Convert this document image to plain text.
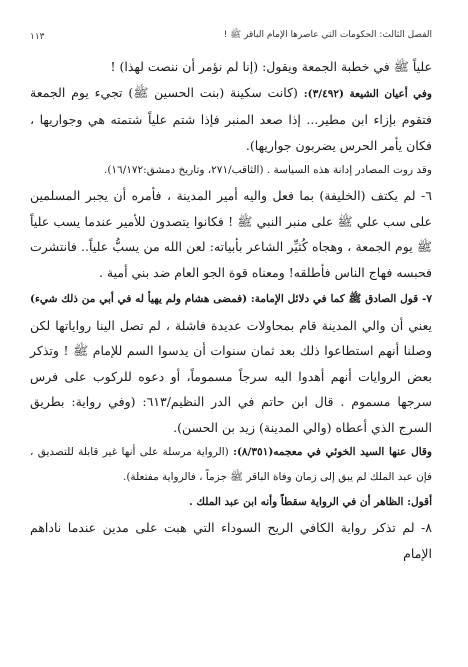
الفصل الثالث: الحكومات التي عاصرها الإمام الباقر ﷺ !
١١٣

علياً ﷺ في خطبة الجمعة ويقول: (إنا لم نؤمر أن ننصت لهذا) !

وفي أعيان الشيعة (٣/٤٩٢): (كانت سكينة (بنت الحسين ﷺ) تجيء يوم الجمعة فتقوم بإزاء ابن مطير... إذا صعد المنبر فإذا شتم علياً شتمته هي وجواريها ، فكان يأمر الحرس يضربون جواريها).

وقد روت المصادر إدانة هذه السياسة . (الثاقب/٢٧١، وتاريخ دمشق:١٦/١٧٢).

٦- لم يكتف (الخليفة) بما فعل واليه أمير المدينة ، فأمره أن يجبر المسلمين على سب علي ﷺ على منبر النبي ﷺ ! فكانوا يتصدون للأمير عندما يسب علياً ﷺ يوم الجمعة ، وهجاه كُثيِّر الشاعر بأبياته: لعن الله من يسبُّ علياً.. فانتشرت فحبسه فهاج الناس فأطلقه! ومعناه قوة الجو العام ضد بني أمية .

٧- قول الصادق ﷺ كما في دلائل الإمامة: (فمضى هشام ولم يهيأ له في أبي من ذلك شيء) يعني أن والي المدينة قام بمحاولات عديدة فاشلة ، لم تصل الينا رواياتها لكن وصلنا أنهم استطاعوا ذلك بعد ثمان سنوات أن يدسوا السم للإمام ﷺ ! وتذكر بعض الروايات أنهم أهدوا اليه سرجاً مسموماً، أو دعوه للركوب على فرس سرجها مسموم . قال ابن حاتم في الدر النظيم/٦١٣: (وفي رواية: بطريق السرج الذي أعطاه (والي المدينة) زيد بن الحسن).

وقال عنها السيد الخوئي في معجمه(٨/٣٥١): (الرواية مرسلة على أنها غير قابلة للتصديق ، فإن عبد الملك لم يبق إلى زمان وفاة الباقر ﷺ جزماً ، فالرواية مفتعلة).

أقول: الظاهر أن في الرواية سقطاً وأنه ابن عبد الملك .

٨- لم تذكر رواية الكافي الريح السوداء التي هبت على مدين عندما ناداهم الإمام
